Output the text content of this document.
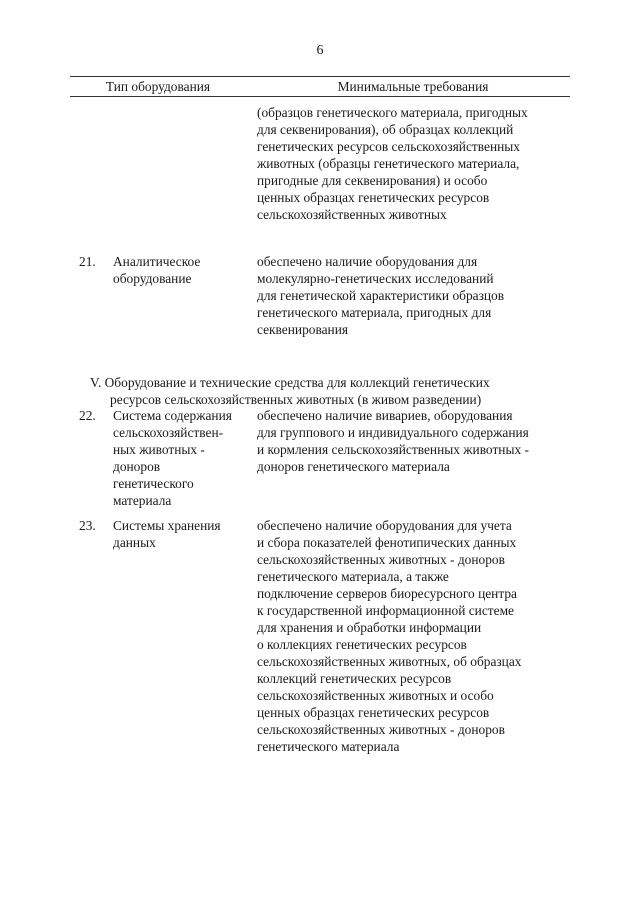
6
Тип оборудования	Минимальные требования
(образцов генетического материала, пригодных
для секвенирования), об образцах коллекций
генетических ресурсов сельскохозяйственных
животных (образцы генетического материала,
пригодные для секвенирования) и особо
ценных образцах генетических ресурсов
сельскохозяйственных животных
21. Аналитическое
оборудование
обеспечено наличие оборудования для
молекулярно-генетических исследований
для генетической характеристики образцов
генетического материала, пригодных для
секвенирования

V. Оборудование и технические средства для коллекций генетических

ресурсов сельскохозяйственных животных (в живом разведении)

22. Система содержания
сельскохозяйствен-
ных животных -
доноров
генетического
материала
обеспечено наличие вивариев, оборудования
для группового и индивидуального содержания
и кормления сельскохозяйственных животных -
доноров генетического материала
23. Системы хранения
данных
обеспечено наличие оборудования для учета
и сбора показателей фенотипических данных
сельскохозяйственных животных - доноров
генетического материала, а также
подключение серверов биоресурсного центра
к государственной информационной системе
для хранения и обработки информации
о коллекциях генетических ресурсов
сельскохозяйственных животных, об образцах
коллекций генетических ресурсов
сельскохозяйственных животных и особо
ценных образцах генетических ресурсов
сельскохозяйственных животных - доноров
генетического материала
